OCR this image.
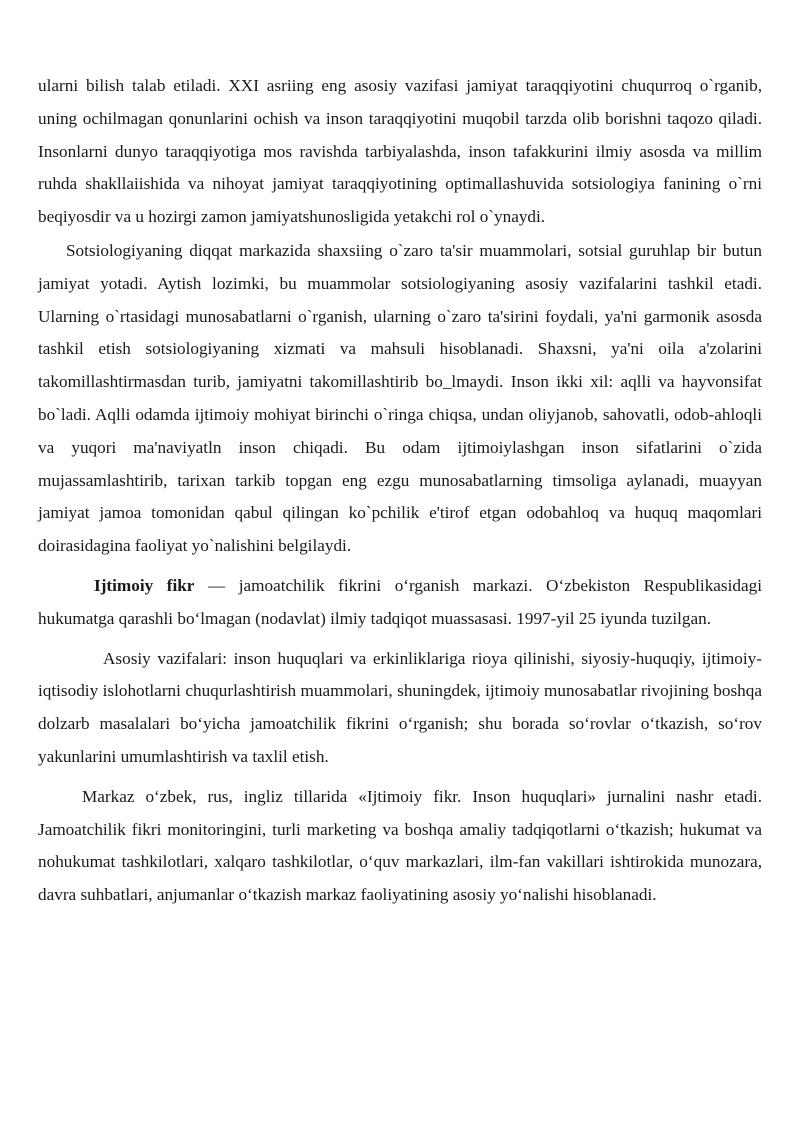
ularni bilish talab etiladi. XXI asriing eng asosiy vazifasi jamiyat taraqqiyotini chuqurroq o`rganib, uning ochilmagan qonunlarini ochish va inson taraqqiyotini muqobil tarzda olib borishni taqozo qiladi. Insonlarni dunyo taraqqiyotiga mos ravishda tarbiyalashda, inson tafakkurini ilmiy asosda va millim ruhda shakllaiishida va nihoyat jamiyat taraqqiyotining optimallashuvida sotsiologiya fanining o`rni beqiyosdir va u hozirgi zamon jamiyatshunosligida yetakchi rol o`ynaydi.

Sotsiologiyaning diqqat markazida shaxsiing o`zaro ta'sir muammolari, sotsial guruhlap bir butun jamiyat yotadi. Aytish lozimki, bu muammolar sotsiologiyaning asosiy vazifalarini tashkil etadi. Ularning o`rtasidagi munosabatlarni o`rganish, ularning o`zaro ta'sirini foydali, ya'ni garmonik asosda tashkil etish sotsiologiyaning xizmati va mahsuli hisoblanadi. Shaxsni, ya'ni oila a'zolarini takomillashtirmasdan turib, jamiyatni takomillashtirib bo_lmaydi. Inson ikki xil: aqlli va hayvonsifat bo`ladi. Aqlli odamda ijtimoiy mohiyat birinchi o`ringa chiqsa, undan oliyjanob, sahovatli, odob-ahloqli va yuqori ma'naviyatln inson chiqadi. Bu odam ijtimoiylashgan inson sifatlarini o`zida mujassamlashtirib, tarixan tarkib topgan eng ezgu munosabatlarning timsoliga aylanadi, muayyan jamiyat jamoa tomonidan qabul qilingan ko`pchilik e'tirof etgan odobahloq va huquq maqomlari doirasidagina faoliyat yo`nalishini belgilaydi.

Ijtimoiy fikr — jamoatchilik fikrini o‘rganish markazi. O‘zbekiston Respublikasidagi hukumatga qarashli bo‘lmagan (nodavlat) ilmiy tadqiqot muassasasi. 1997-yil 25 iyunda tuzilgan.

Asosiy vazifalari: inson huquqlari va erkinliklariga rioya qilinishi, siyosiy-huquqiy, ijtimoiy-iqtisodiy islohotlarni chuqurlashtirish muammolari, shuningdek, ijtimoiy munosabatlar rivojining boshqa dolzarb masalalari bo‘yicha jamoatchilik fikrini o‘rganish; shu borada so‘rovlar o‘tkazish, so‘rov yakunlarini umumlashtirish va taxlil etish.

Markaz o‘zbek, rus, ingliz tillarida «Ijtimoiy fikr. Inson huquqlari» jurnalini nashr etadi. Jamoatchilik fikri monitoringini, turli marketing va boshqa amaliy tadqiqotlarni o‘tkazish; hukumat va nohukumat tashkilotlari, xalqaro tashkilotlar, o‘quv markazlari, ilm-fan vakillari ishtirokida munozara, davra suhbatlari, anjumanlar o‘tkazish markaz faoliyatining asosiy yo‘nalishi hisoblanadi.
